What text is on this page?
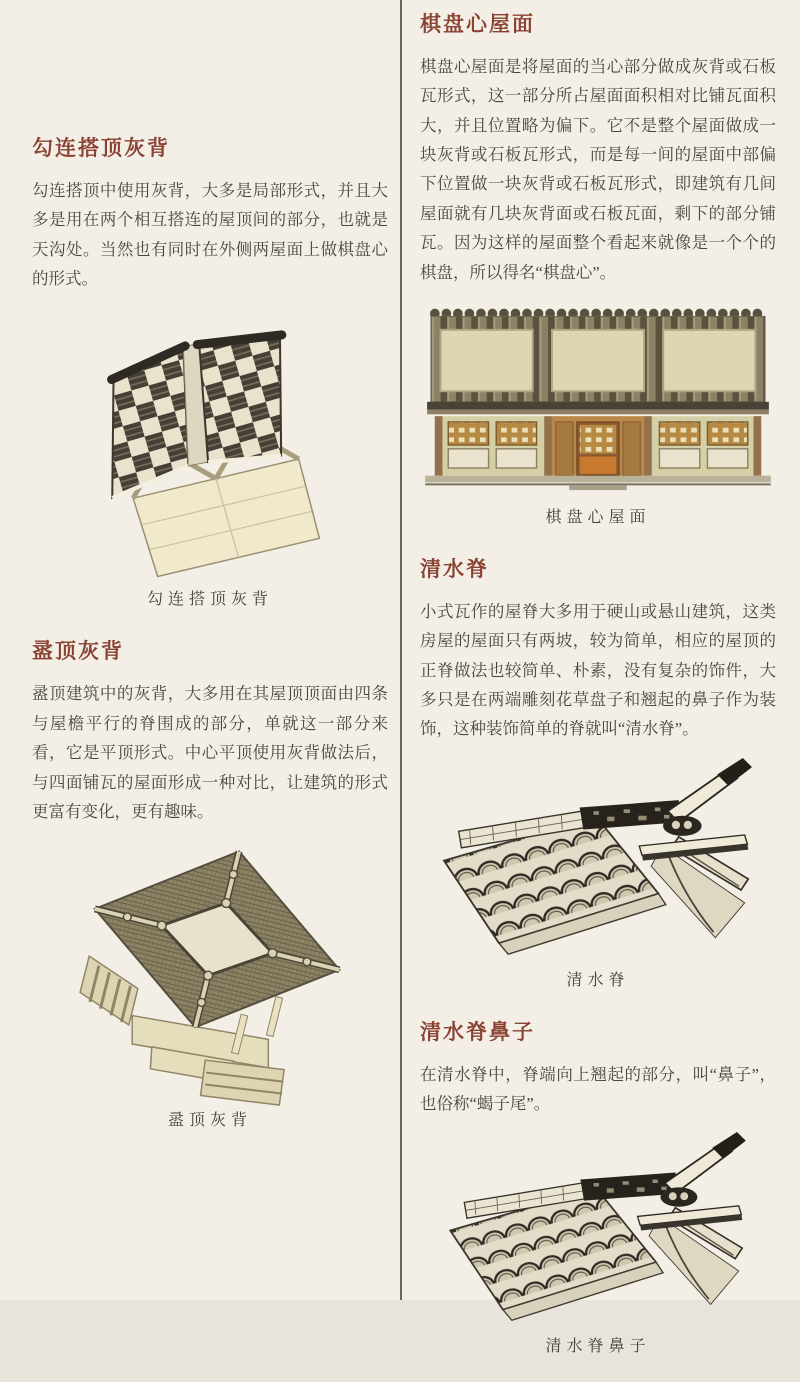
勾连搭顶灰背

勾连搭顶中使用灰背，大多是局部形式，并且大多是用在两个相互搭连的屋顶间的部分，也就是天沟处。当然也有同时在外侧两屋面上做棋盘心的形式。

勾连搭顶灰背
盝顶灰背

盝顶建筑中的灰背，大多用在其屋顶顶面由四条与屋檐平行的脊围成的部分，单就这一部分来看，它是平顶形式。中心平顶使用灰背做法后，与四面铺瓦的屋面形成一种对比，让建筑的形式更富有变化，更有趣味。

盝顶灰背
棋盘心屋面

棋盘心屋面是将屋面的当心部分做成灰背或石板瓦形式，这一部分所占屋面面积相对比铺瓦面积大，并且位置略为偏下。它不是整个屋面做成一块灰背或石板瓦形式，而是每一间的屋面中部偏下位置做一块灰背或石板瓦形式，即建筑有几间屋面就有几块灰背面或石板瓦面，剩下的部分铺瓦。因为这样的屋面整个看起来就像是一个个的棋盘，所以得名“棋盘心”。

棋盘心屋面
清水脊

小式瓦作的屋脊大多用于硬山或悬山建筑，这类房屋的屋面只有两坡，较为简单，相应的屋顶的正脊做法也较简单、朴素，没有复杂的饰件，大多只是在两端雕刻花草盘子和翘起的鼻子作为装饰，这种装饰简单的脊就叫“清水脊”。

清水脊
清水脊鼻子

在清水脊中，脊端向上翘起的部分，叫“鼻子”，也俗称“蝎子尾”。

清水脊鼻子
